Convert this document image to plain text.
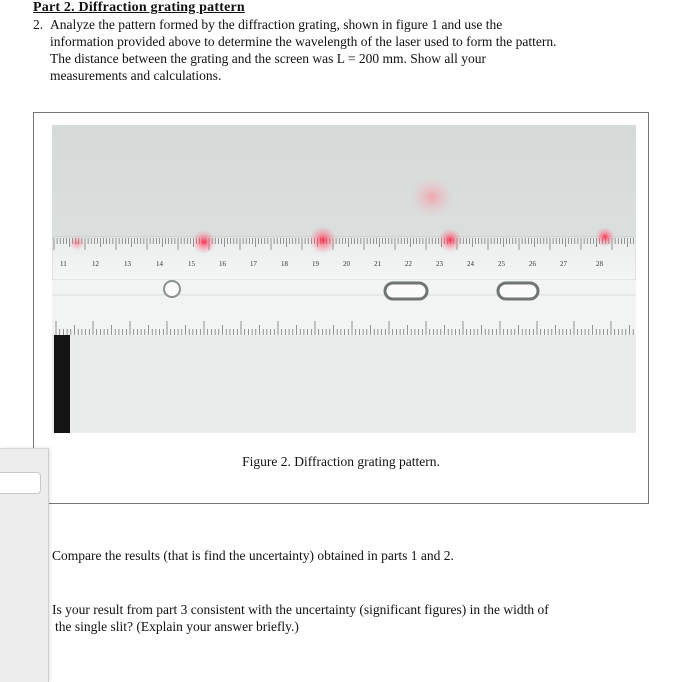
Part 2. Diffraction grating pattern
2. Analyze the pattern formed by the diffraction grating, shown in figure 1 and use the
information provided above to determine the wavelength of the laser used to form the pattern.
The distance between the grating and the screen was L = 200 mm. Show all your
measurements and calculations.
11	12	13	14	15	16	17	18	19	20	21	22	23	24	25	26	27	28
Figure 2. Diffraction grating pattern.
Compare the results (that is find the uncertainty) obtained in parts 1 and 2.
Is your result from part 3 consistent with the uncertainty (significant figures) in the width of
the single slit? (Explain your answer briefly.)
